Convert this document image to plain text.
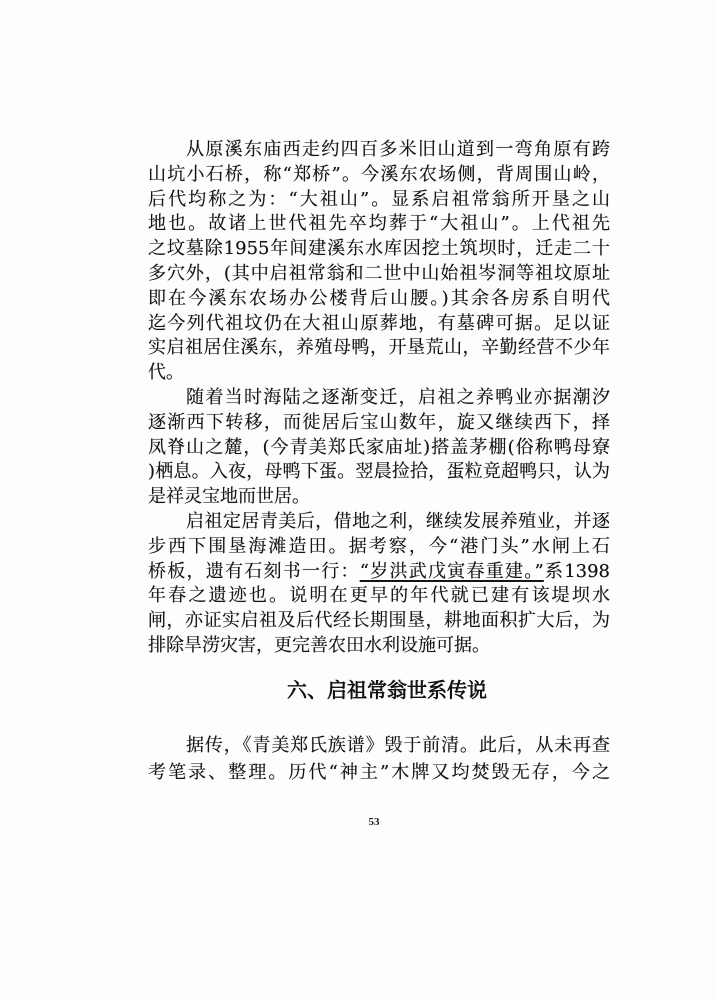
从原溪东庙西走约四百多米旧山道到一弯角原有跨
山坑小石桥，称“郑桥”。今溪东农场侧，背周围山岭，
后代均称之为：“大祖山”。显系启祖常翁所开垦之山
地也。故诸上世代祖先卒均葬于“大祖山”。上代祖先
之坟墓除1955年间建溪东水库因挖土筑坝时，迁走二十
多穴外，(其中启祖常翁和二世中山始祖岑洞等祖坟原址
即在今溪东农场办公楼背后山腰。)其余各房系自明代
迄今列代祖坟仍在大祖山原葬地，有墓碑可据。足以证
实启祖居住溪东，养殖母鸭，开垦荒山，辛勤经营不少年
代。
随着当时海陆之逐渐变迁，启祖之养鸭业亦据潮汐
逐渐西下转移，而徙居后宝山数年，旋又继续西下，择
凤脊山之麓，(今青美郑氏家庙址)搭盖茅棚(俗称鸭母寮
)栖息。入夜，母鸭下蛋。翌晨捡拾，蛋粒竟超鸭只，认为
是祥灵宝地而世居。
启祖定居青美后，借地之利，继续发展养殖业，并逐
步西下围垦海滩造田。据考察，今“港门头”水闸上石
桥板，遗有石刻书一行：“岁洪武戊寅春重建。”系1398
年春之遗迹也。说明在更早的年代就已建有该堤坝水
闸，亦证实启祖及后代经长期围垦，耕地面积扩大后，为
排除旱涝灾害，更完善农田水利设施可据。
六、启祖常翁世系传说
据传，《青美郑氏族谱》毁于前清。此后，从未再查
考笔录、整理。历代“神主”木牌又均焚毁无存，今之
53
